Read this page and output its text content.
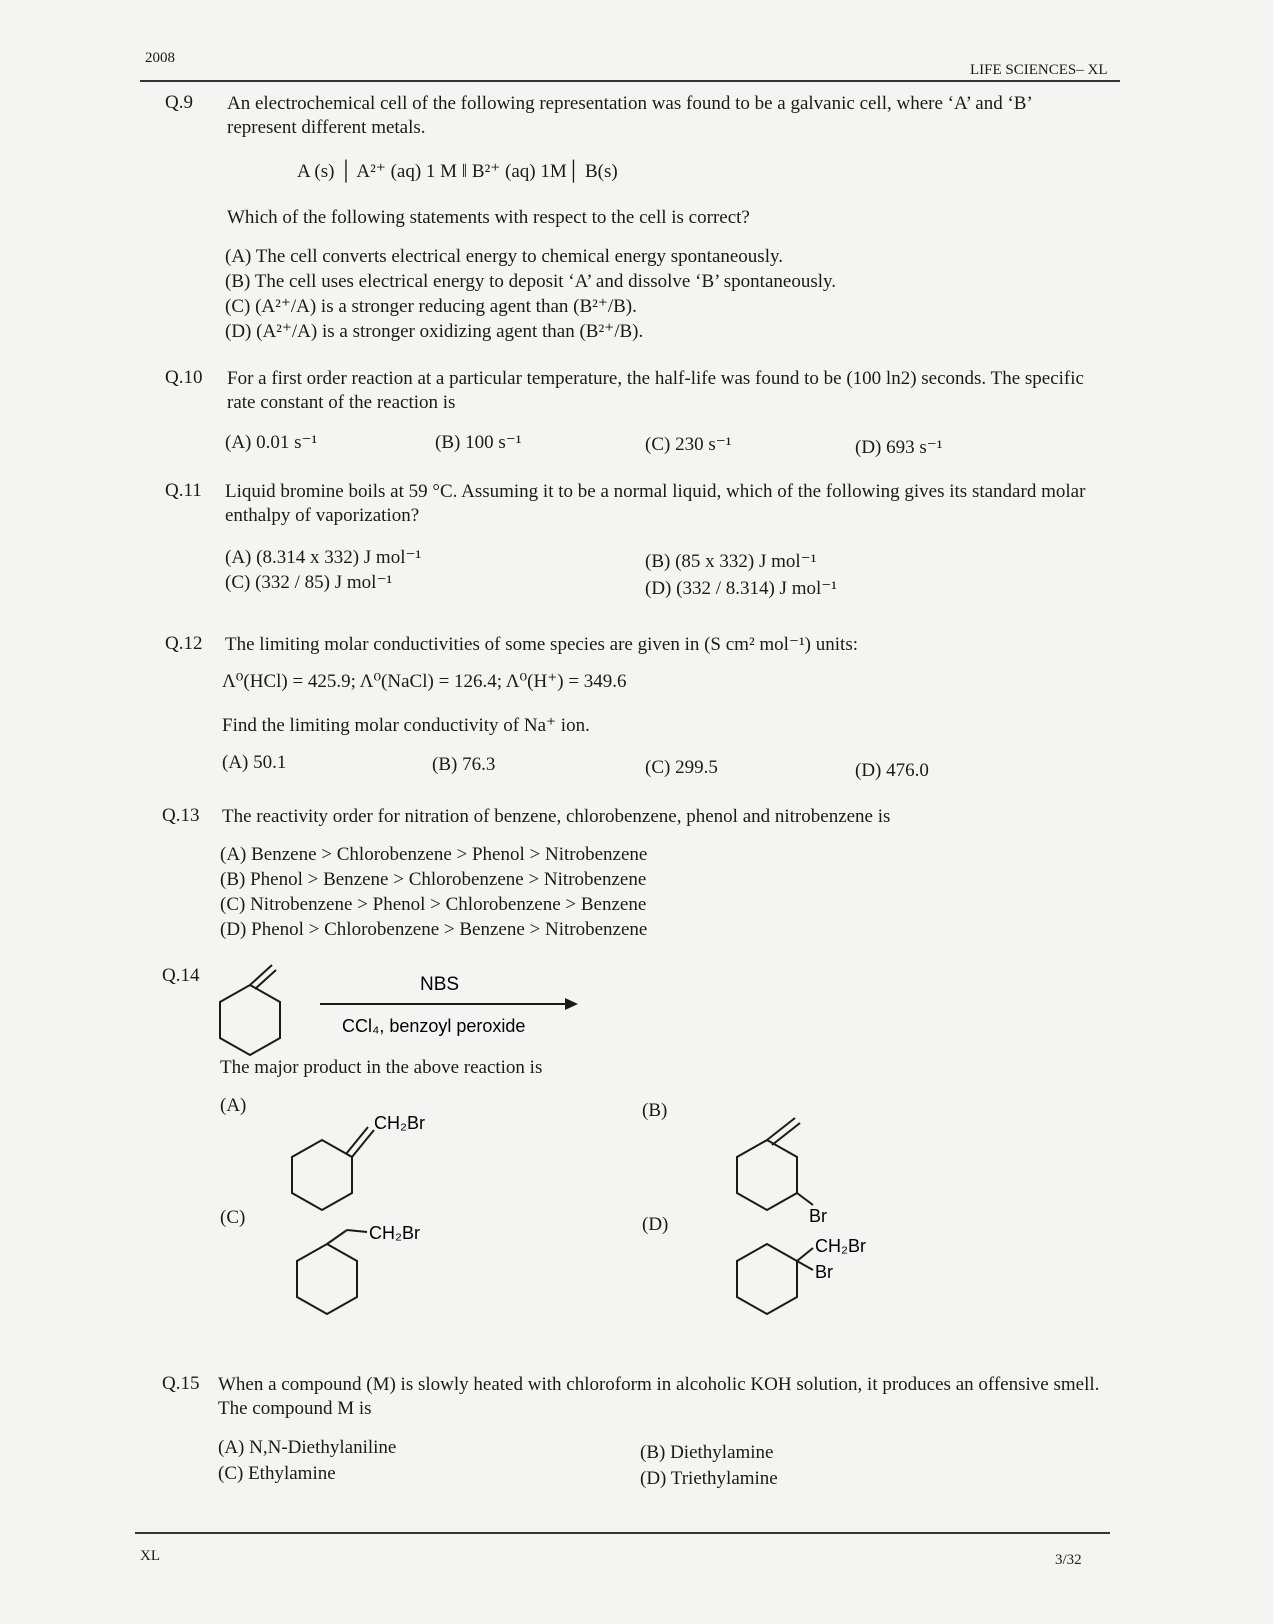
2008
LIFE SCIENCES– XL
Q.9 An electrochemical cell of the following representation was found to be a galvanic cell, where ‘A’ and ‘B’ represent different metals.
A (s) │ A²⁺ (aq) 1 M ‖ B²⁺ (aq) 1M│ B(s)
Which of the following statements with respect to the cell is correct?
(A) The cell converts electrical energy to chemical energy spontaneously.
(B) The cell uses electrical energy to deposit ‘A’ and dissolve ‘B’ spontaneously.
(C) (A²⁺/A) is a stronger reducing agent than (B²⁺/B).
(D) (A²⁺/A) is a stronger oxidizing agent than (B²⁺/B).
Q.10 For a first order reaction at a particular temperature, the half-life was found to be (100 ln2) seconds. The specific rate constant of the reaction is
(A) 0.01 s⁻¹	(B) 100 s⁻¹	(C) 230 s⁻¹	(D) 693 s⁻¹
Q.11 Liquid bromine boils at 59 °C. Assuming it to be a normal liquid, which of the following gives its standard molar enthalpy of vaporization?
(A) (8.314 x 332) J mol⁻¹	(B) (85 x 332) J mol⁻¹
(C) (332 / 85) J mol⁻¹	(D) (332 / 8.314) J mol⁻¹
Q.12 The limiting molar conductivities of some species are given in (S cm² mol⁻¹) units:
Λ⁰(HCl) = 425.9; Λ⁰(NaCl) = 126.4; Λ⁰(H⁺) = 349.6
Find the limiting molar conductivity of Na⁺ ion.
(A) 50.1	(B) 76.3	(C) 299.5	(D) 476.0
Q.13 The reactivity order for nitration of benzene, chlorobenzene, phenol and nitrobenzene is
(A) Benzene > Chlorobenzene > Phenol > Nitrobenzene
(B) Phenol > Benzene > Chlorobenzene > Nitrobenzene
(C) Nitrobenzene > Phenol > Chlorobenzene > Benzene
(D) Phenol > Chlorobenzene > Benzene > Nitrobenzene
Q.14	NBS
CCl₄, benzoyl peroxide
The major product in the above reaction is
(A)	(B)
(C)	(D)
CH₂Br
Br
CH₂Br
CH₂Br
Br
Q.15 When a compound (M) is slowly heated with chloroform in alcoholic KOH solution, it produces an offensive smell. The compound M is
(A) N,N-Diethylaniline	(B) Diethylamine
(C) Ethylamine	(D) Triethylamine
XL	3/32
